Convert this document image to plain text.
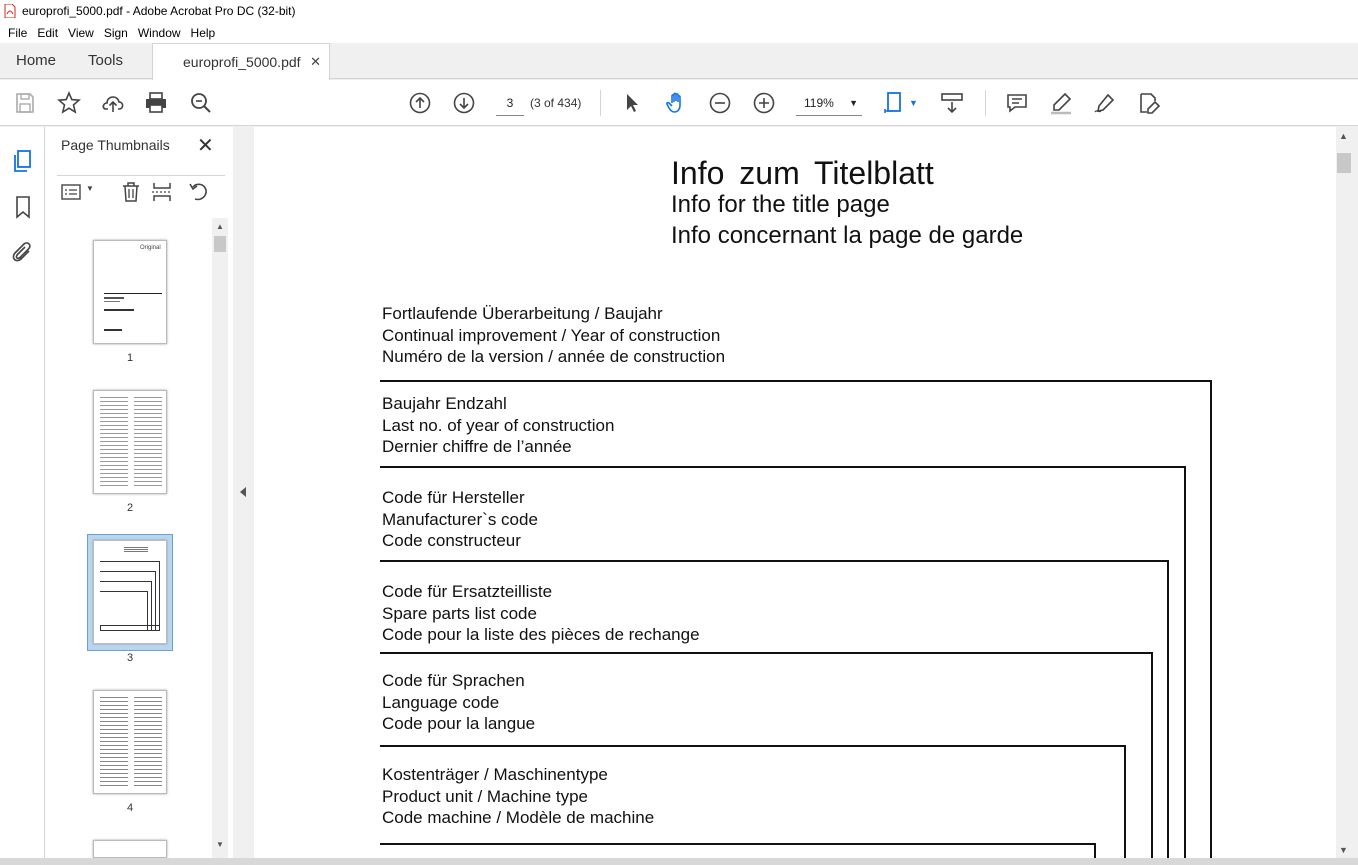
europrofi_5000.pdf - Adobe Acrobat Pro DC (32-bit)
File Edit View Sign Window Help
Home Tools	europrofi_5000.pdf ✕
3	(3 of 434)	119% ▼	▼
Page Thumbnails ✕
▼
Original
1
2
3
4
▲
▼
Info zum Titelblatt
Info for the title page
Info concernant la page de garde
Fortlaufende Überarbeitung / Baujahr
Continual improvement / Year of construction
Numéro de la version / année de construction
Baujahr Endzahl
Last no. of year of construction
Dernier chiffre de l’année
Code für Hersteller
Manufacturer`s code
Code constructeur
Code für Ersatzteilliste
Spare parts list code
Code pour la liste des pièces de rechange
Code für Sprachen
Language code
Code pour la langue
Kostenträger / Maschinentype
Product unit / Machine type
Code machine / Modèle de machine
▲
▼
